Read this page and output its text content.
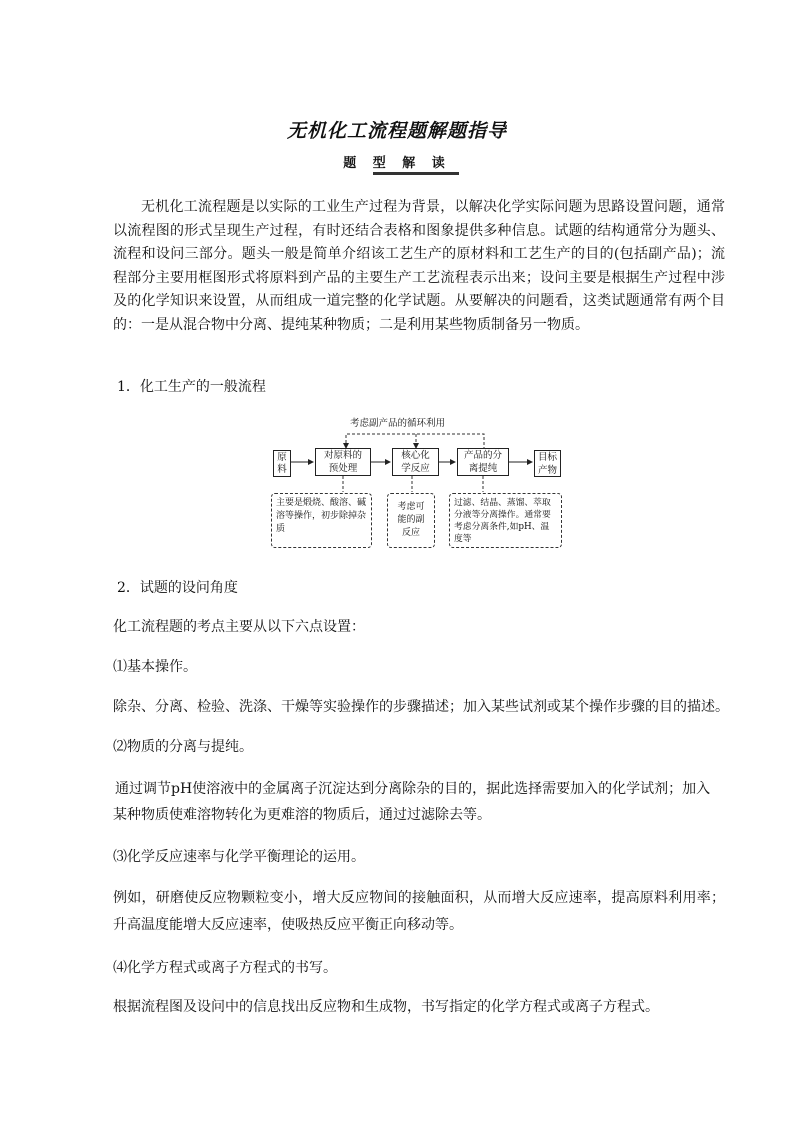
无机化工流程题解题指导
题 型 解 读

无机化工流程题是以实际的工业生产过程为背景，以解决化学实际问题为思路设置问题，通常以流程图的形式呈现生产过程，有时还结合表格和图象提供多种信息。试题的结构通常分为题头、流程和设问三部分。题头一般是简单介绍该工艺生产的原材料和工艺生产的目的(包括副产品)；流程部分主要用框图形式将原料到产品的主要生产工艺流程表示出来；设问主要是根据生产过程中涉及的化学知识来设置，从而组成一道完整的化学试题。从要解决的问题看，这类试题通常有两个目的：一是从混合物中分离、提纯某种物质；二是利用某些物质制备另一物质。

1．化工生产的一般流程

考虑副产品的循环利用
原料
对原料的预处理
核心化学反应
产品的分离提纯
目标产物
主要是煅烧、酸溶、碱溶等操作，初步除掉杂质
考虑可能的副反应
过滤、结晶、蒸馏、萃取分液等分离操作。通常要考虑分离条件,如pH、温度等

2．试题的设问角度

化工流程题的考点主要从以下六点设置：

⑴基本操作。

除杂、分离、检验、洗涤、干燥等实验操作的步骤描述；加入某些试剂或某个操作步骤的目的描述。

⑵物质的分离与提纯。

通过调节pH使溶液中的金属离子沉淀达到分离除杂的目的，据此选择需要加入的化学试剂；加入某种物质使难溶物转化为更难溶的物质后，通过过滤除去等。

⑶化学反应速率与化学平衡理论的运用。

例如，研磨使反应物颗粒变小，增大反应物间的接触面积，从而增大反应速率，提高原料利用率；升高温度能增大反应速率，使吸热反应平衡正向移动等。

⑷化学方程式或离子方程式的书写。

根据流程图及设问中的信息找出反应物和生成物，书写指定的化学方程式或离子方程式。
